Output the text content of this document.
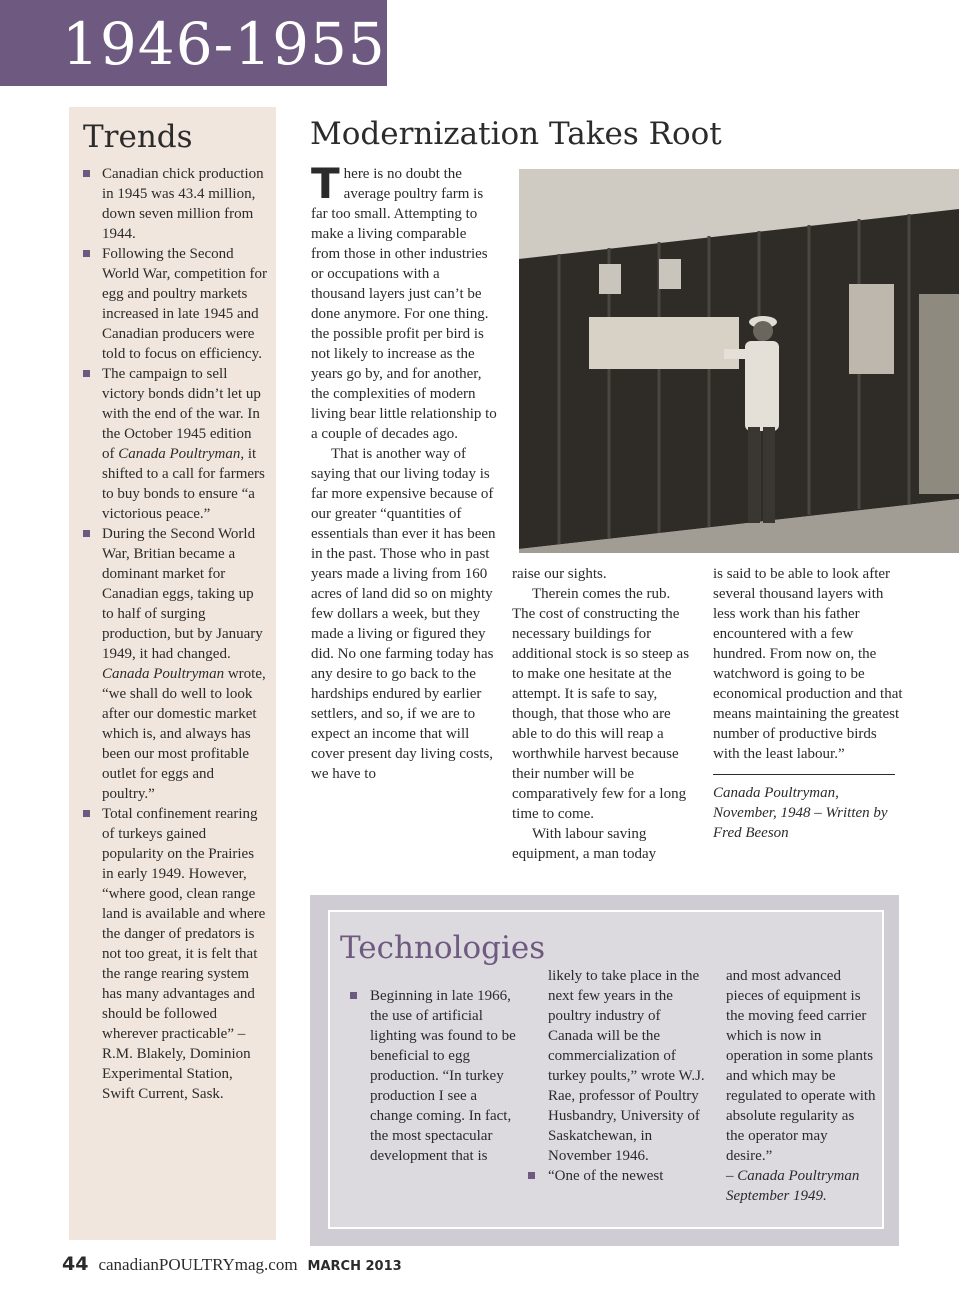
1946-1955
Trends
Canadian chick production in 1945 was 43.4 million, down seven million from 1944.
Following the Second World War, competition for egg and poultry markets increased in late 1945 and Canadian producers were told to focus on efficiency.
The campaign to sell victory bonds didn’t let up with the end of the war. In the October 1945 edition of Canada Poultryman, it shifted to a call for farmers to buy bonds to ensure “a victorious peace.”
During the Second World War, Britian became a dominant market for Canadian eggs, taking up to half of surging production, but by January 1949, it had changed. Canada Poultryman wrote, “we shall do well to look after our domestic market which is, and always has been our most profitable outlet for eggs and poultry.”
Total confinement rearing of turkeys gained popularity on the Prairies in early 1949. However, “where good, clean range land is available and where the danger of predators is not too great, it is felt that the range rearing system has many advantages and should be followed wherever practicable” – R.M. Blakely, Dominion Experimental Station, Swift Current, Sask.
Modernization Takes Root

There is no doubt the average poultry farm is far too small. Attempting to make a living comparable from those in other industries or occupations with a thousand layers just can’t be done anymore. For one thing. the possible profit per bird is not likely to increase as the years go by, and for another, the complexities of modern living bear little relationship to a couple of decades ago.

That is another way of saying that our living today is far more expensive because of our greater “quantities of essentials than ever it has been in the past. Those who in past years made a living from 160 acres of land did so on mighty few dollars a week, but they made a living or figured they did. No one farming today has any desire to go back to the hardships endured by earlier settlers, and so, if we are to expect an income that will cover present day living costs, we have to

raise our sights.

Therein comes the rub. The cost of constructing the necessary buildings for additional stock is so steep as to make one hesitate at the attempt. It is safe to say, though, that those who are able to do this will reap a worthwhile harvest because their number will be comparatively few for a long time to come.

With labour saving equipment, a man today

is said to be able to look after several thousand layers with less work than his father encountered with a few hundred. From now on, the watchword is going to be economical production and that means maintaining the greatest number of productive birds with the least labour.”

Canada Poultryman, November, 1948 – Written by Fred Beeson

Technologies
Beginning in late 1966, the use of artificial lighting was found to be beneficial to egg production. “In turkey production I see a change coming. In fact, the most spectacular development that is

likely to take place in the next few years in the poultry industry of Canada will be the commercialization of turkey poults,” wrote W.J. Rae, professor of Poultry Husbandry, University of Saskatchewan, in November 1946.

“One of the newest

and most advanced pieces of equipment is the moving feed carrier which is now in operation in some plants and which may be regulated to operate with absolute regularity as the operator may desire.”

– Canada Poultryman September 1949.

44 canadianPOULTRYmag.com MARCH 2013
